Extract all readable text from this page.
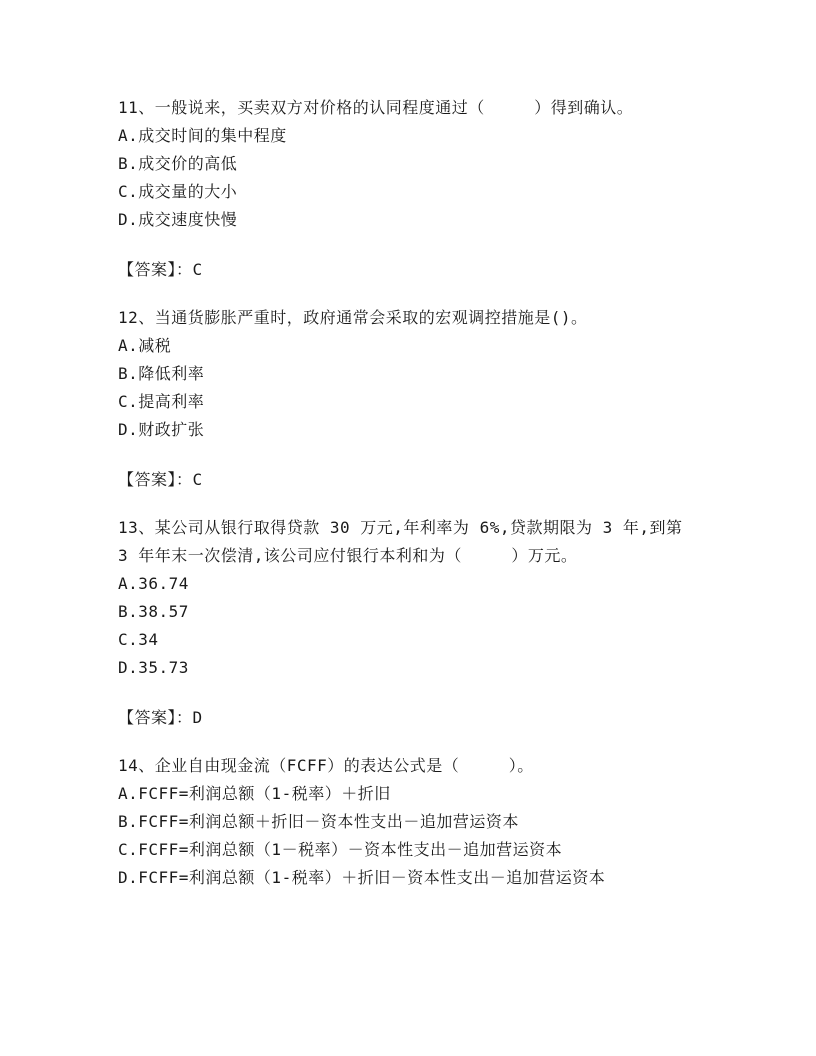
11、一般说来，买卖双方对价格的认同程度通过（　　　）得到确认。

A.成交时间的集中程度

B.成交价的高低

C.成交量的大小

D.成交速度快慢

【答案】：C

12、当通货膨胀严重时，政府通常会采取的宏观调控措施是()。

A.减税

B.降低利率

C.提高利率

D.财政扩张

【答案】：C

13、某公司从银行取得贷款 30 万元,年利率为 6%,贷款期限为 3 年,到第 3 年年末一次偿清,该公司应付银行本利和为（　　　）万元。

A.36.74

B.38.57

C.34

D.35.73

【答案】：D

14、企业自由现金流（FCFF）的表达公式是（　　　）。

A.FCFF=利润总额（1-税率）＋折旧

B.FCFF=利润总额＋折旧－资本性支出－追加营运资本

C.FCFF=利润总额（1－税率）－资本性支出－追加营运资本

D.FCFF=利润总额（1-税率）＋折旧－资本性支出－追加营运资本
